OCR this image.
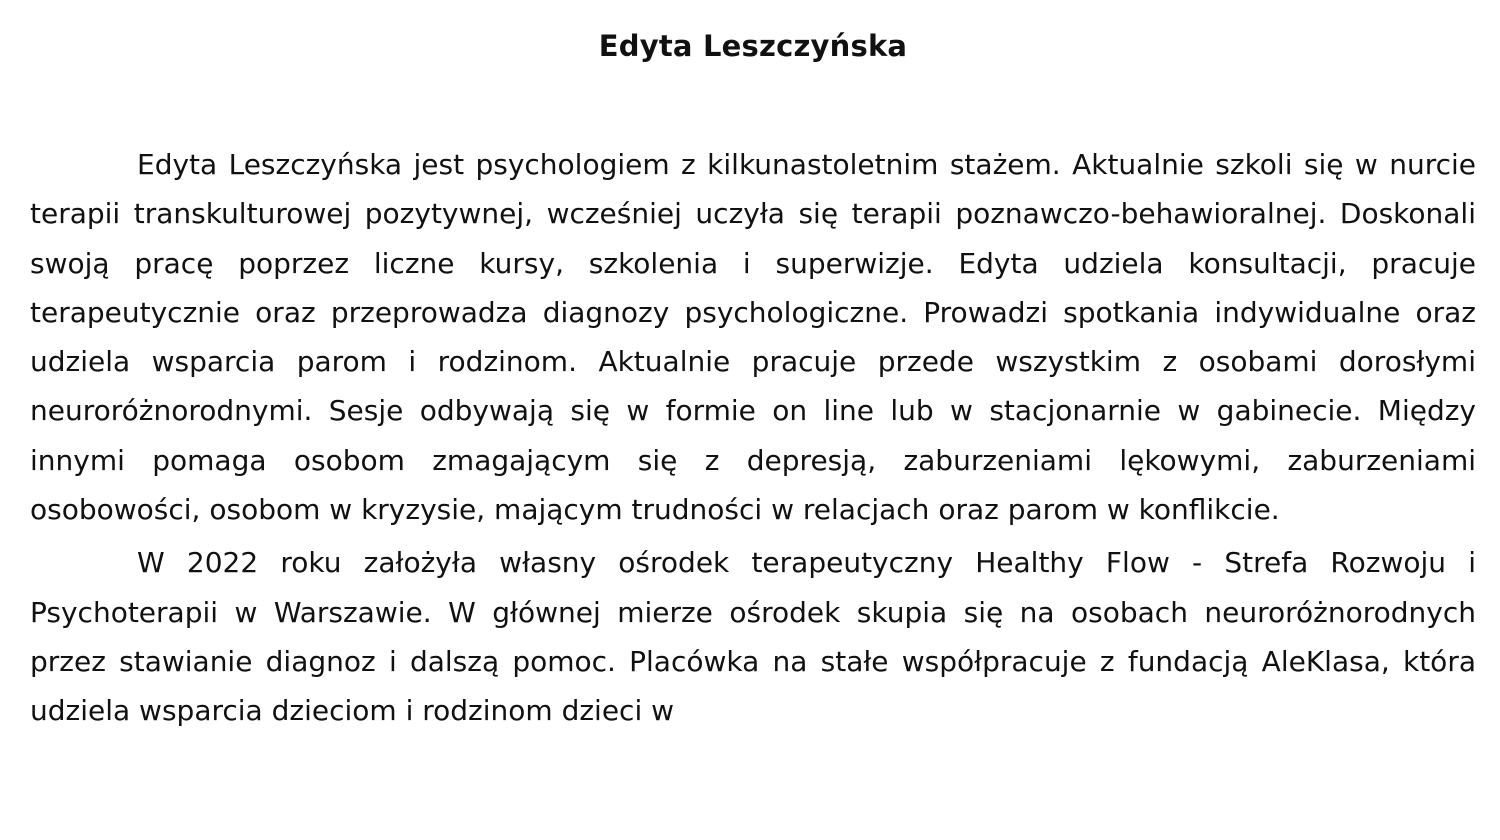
Edyta Leszczyńska

Edyta Leszczyńska jest psychologiem z kilkunastoletnim stażem. Aktualnie szkoli się w nurcie terapii transkulturowej pozytywnej, wcześniej uczyła się terapii poznawczo-behawioralnej. Doskonali swoją pracę poprzez liczne kursy, szkolenia i superwizje. Edyta udziela konsultacji, pracuje terapeutycznie oraz przeprowadza diagnozy psychologiczne. Prowadzi spotkania indywidualne oraz udziela wsparcia parom i rodzinom. Aktualnie pracuje przede wszystkim z osobami dorosłymi neuroróżnorodnymi. Sesje odbywają się w formie on line lub w stacjonarnie w gabinecie. Między innymi pomaga osobom zmagającym się z depresją, zaburzeniami lękowymi, zaburzeniami osobowości, osobom w kryzysie, mającym trudności w relacjach oraz parom w konflikcie.

W 2022 roku założyła własny ośrodek terapeutyczny Healthy Flow - Strefa Rozwoju i Psychoterapii w Warszawie. W głównej mierze ośrodek skupia się na osobach neuroróżnorodnych przez stawianie diagnoz i dalszą pomoc. Placówka na stałe współpracuje z fundacją AleKlasa, która udziela wsparcia dzieciom i rodzinom dzieci w
